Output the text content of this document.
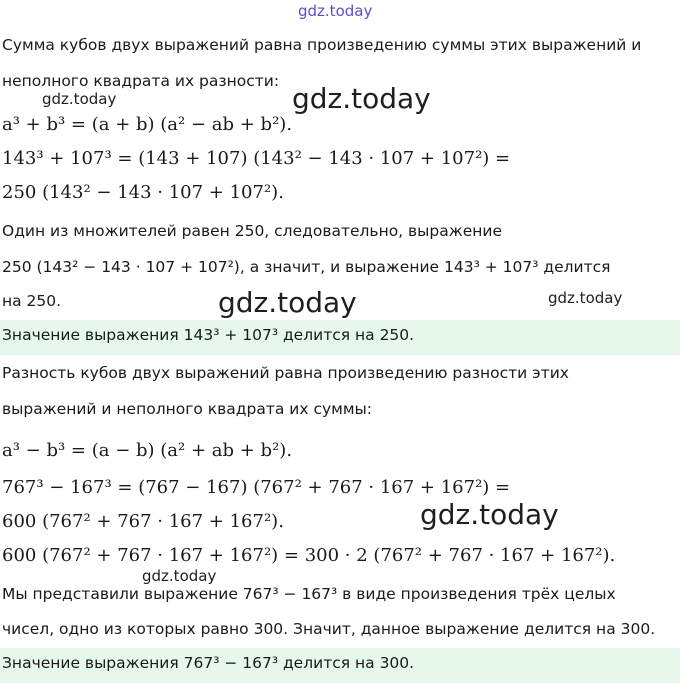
gdz.today
Сумма кубов двух выражений равна произведению суммы этих выражений и
неполного квадрата их разности:
gdz.today	gdz.today
a³ + b³ = (a + b) (a² − ab + b²).
143³ + 107³ = (143 + 107) (143² − 143 · 107 + 107²) =
250 (143² − 143 · 107 + 107²).
Один из множителей равен 250, следовательно, выражение
250 (143² − 143 · 107 + 107²), а значит, и выражение 143³ + 107³ делится
на 250.	gdz.today	gdz.today
Значение выражения 143³ + 107³ делится на 250.
Разность кубов двух выражений равна произведению разности этих
выражений и неполного квадрата их суммы:
a³ − b³ = (a − b) (a² + ab + b²).
767³ − 167³ = (767 − 167) (767² + 767 · 167 + 167²) =
600 (767² + 767 · 167 + 167²).	gdz.today
600 (767² + 767 · 167 + 167²) = 300 · 2 (767² + 767 · 167 + 167²).
gdz.today
Мы представили выражение 767³ − 167³ в виде произведения трёх целых
чисел, одно из которых равно 300. Значит, данное выражение делится на 300.
Значение выражения 767³ − 167³ делится на 300.
